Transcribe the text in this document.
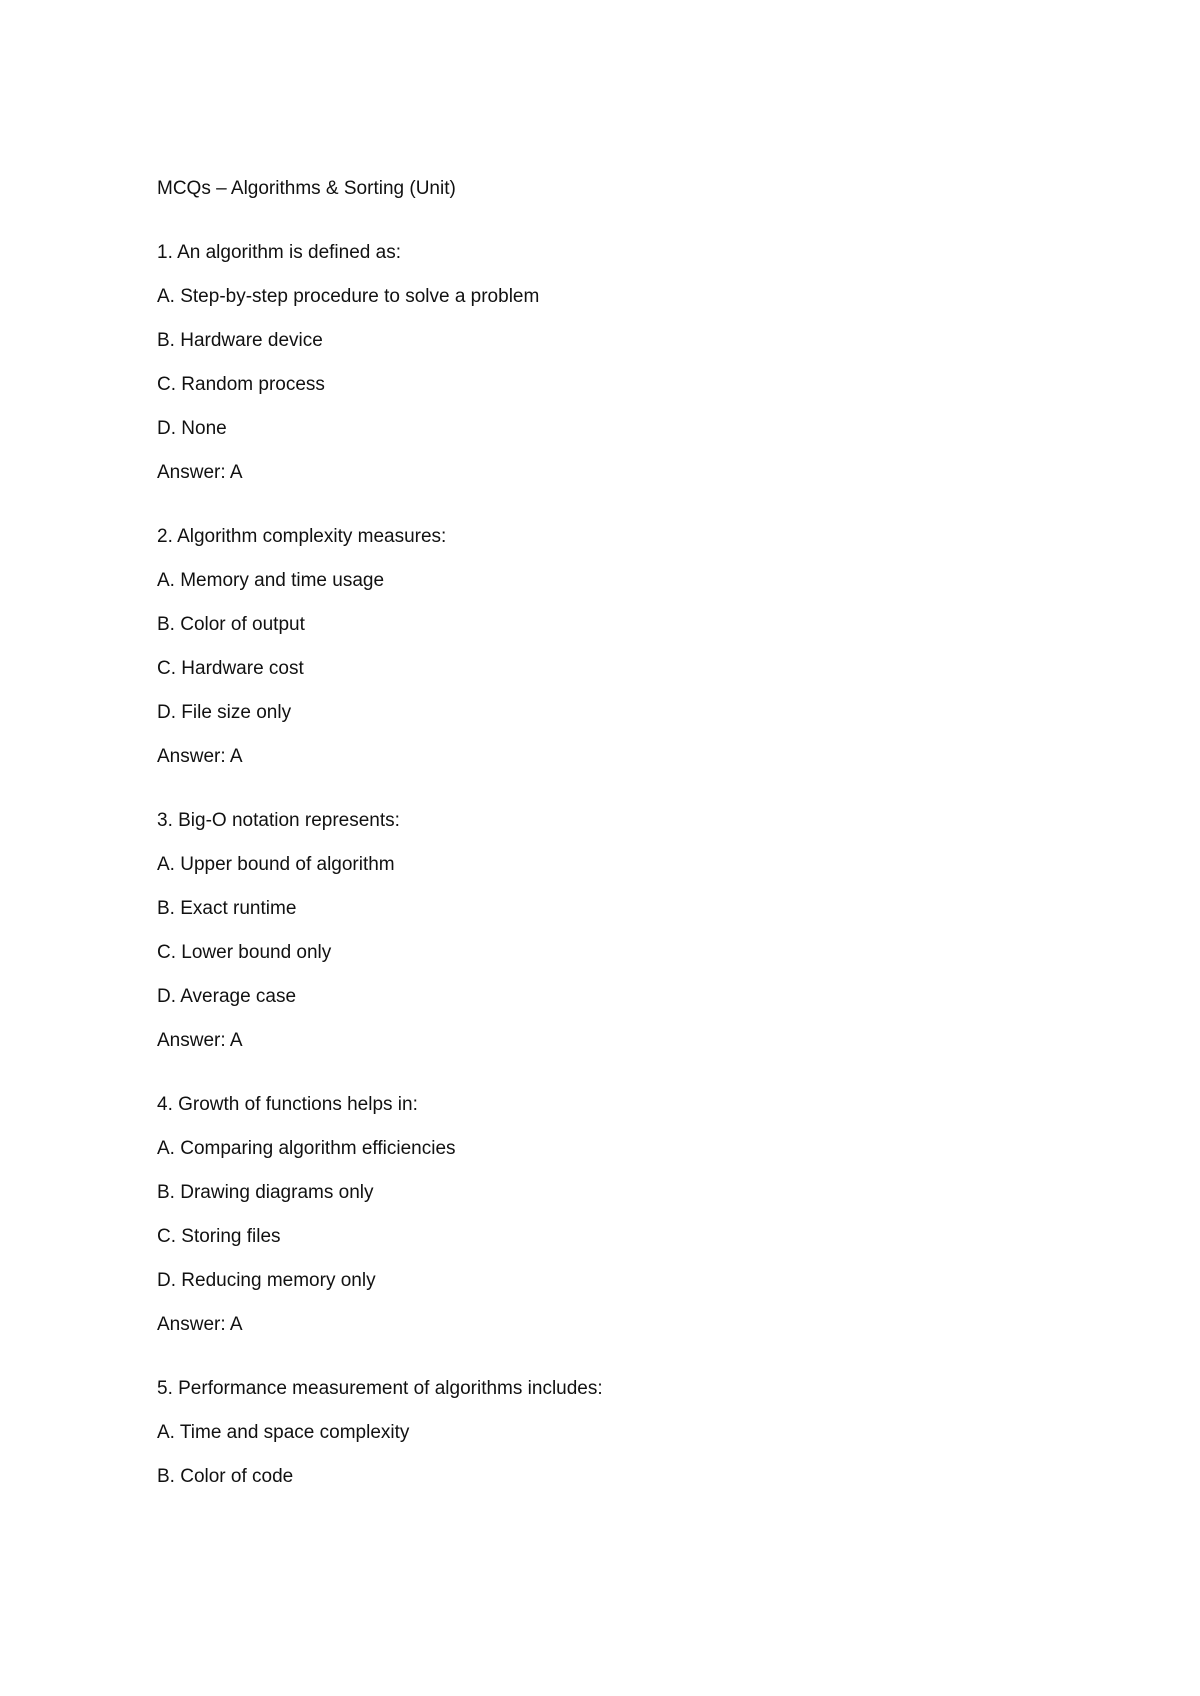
MCQs – Algorithms & Sorting (Unit)

1. An algorithm is defined as:

A. Step-by-step procedure to solve a problem

B. Hardware device

C. Random process

D. None

Answer: A

2. Algorithm complexity measures:

A. Memory and time usage

B. Color of output

C. Hardware cost

D. File size only

Answer: A

3. Big-O notation represents:

A. Upper bound of algorithm

B. Exact runtime

C. Lower bound only

D. Average case

Answer: A

4. Growth of functions helps in:

A. Comparing algorithm efficiencies

B. Drawing diagrams only

C. Storing files

D. Reducing memory only

Answer: A

5. Performance measurement of algorithms includes:

A. Time and space complexity

B. Color of code
